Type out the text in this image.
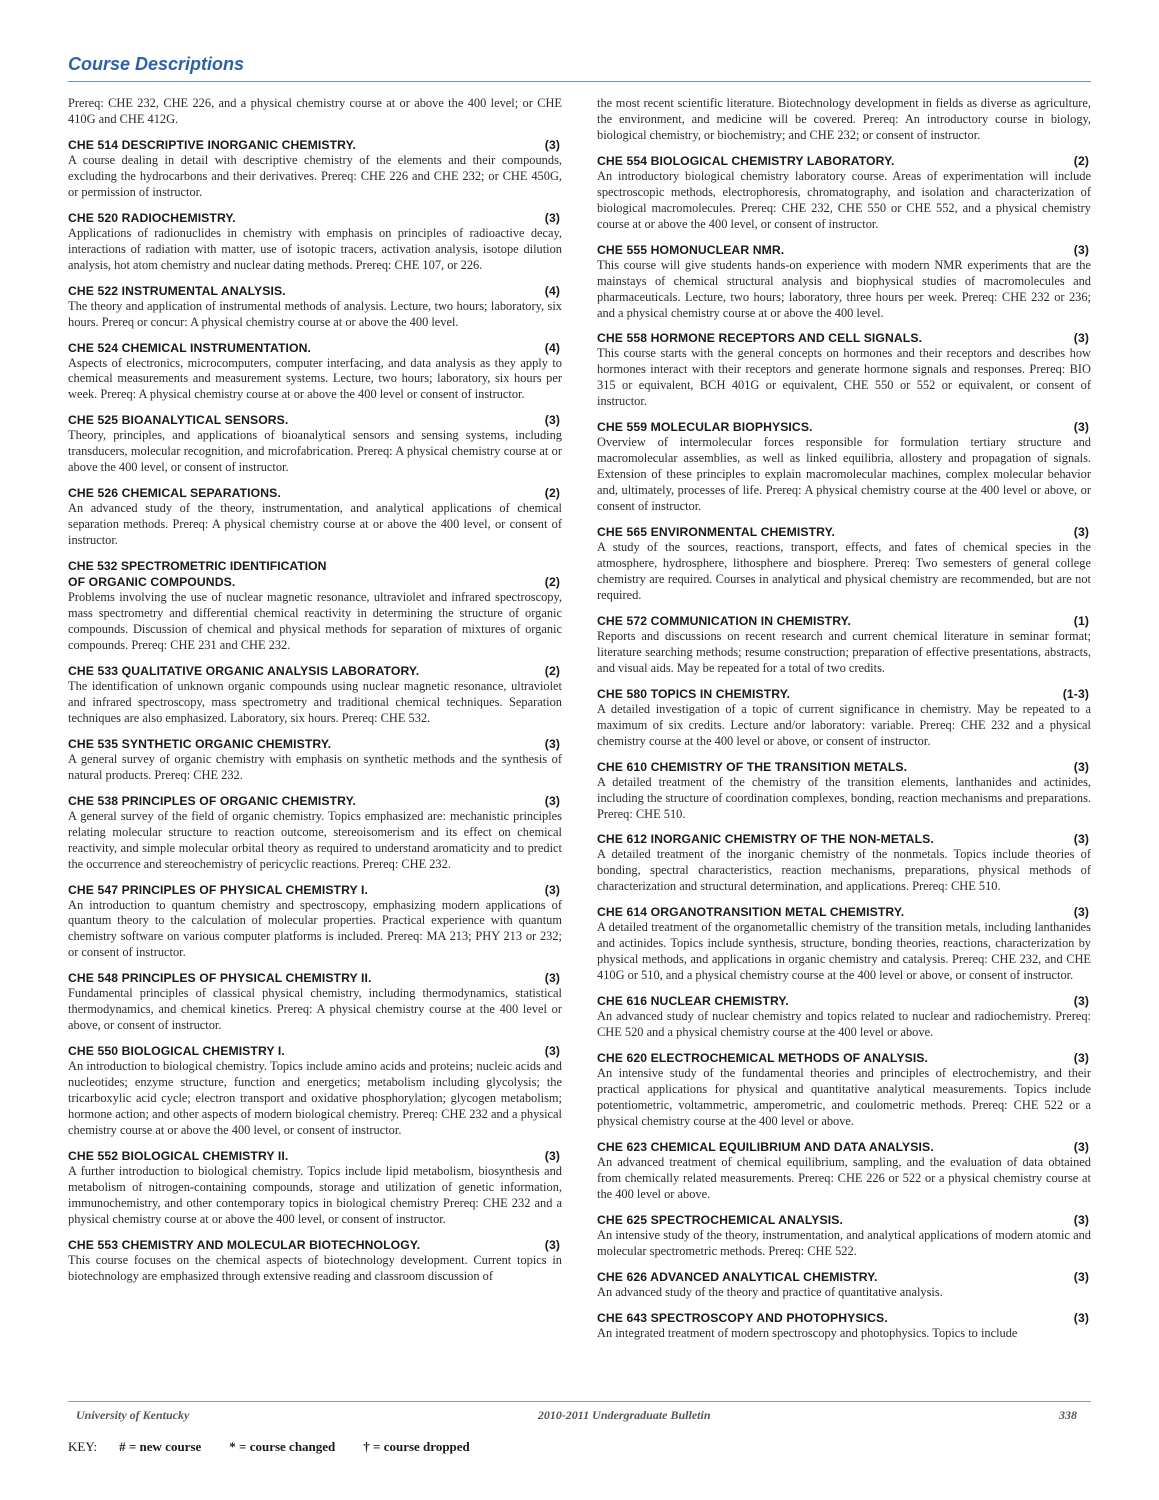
Course Descriptions

Prereq: CHE 232, CHE 226, and a physical chemistry course at or above the 400 level; or CHE 410G and CHE 412G.

CHE 514 DESCRIPTIVE INORGANIC CHEMISTRY.	(3)

A course dealing in detail with descriptive chemistry of the elements and their compounds, excluding the hydrocarbons and their derivatives. Prereq: CHE 226 and CHE 232; or CHE 450G, or permission of instructor.

CHE 520 RADIOCHEMISTRY.	(3)

Applications of radionuclides in chemistry with emphasis on principles of radioactive decay, interactions of radiation with matter, use of isotopic tracers, activation analysis, isotope dilution analysis, hot atom chemistry and nuclear dating methods. Prereq: CHE 107, or 226.

CHE 522 INSTRUMENTAL ANALYSIS.	(4)

The theory and application of instrumental methods of analysis. Lecture, two hours; laboratory, six hours. Prereq or concur: A physical chemistry course at or above the 400 level.

CHE 524 CHEMICAL INSTRUMENTATION.	(4)

Aspects of electronics, microcomputers, computer interfacing, and data analysis as they apply to chemical measurements and measurement systems. Lecture, two hours; laboratory, six hours per week. Prereq: A physical chemistry course at or above the 400 level or consent of instructor.

CHE 525 BIOANALYTICAL SENSORS.	(3)

Theory, principles, and applications of bioanalytical sensors and sensing systems, including transducers, molecular recognition, and microfabrication. Prereq: A physical chemistry course at or above the 400 level, or consent of instructor.

CHE 526 CHEMICAL SEPARATIONS.	(2)

An advanced study of the theory, instrumentation, and analytical applications of chemical separation methods. Prereq: A physical chemistry course at or above the 400 level, or consent of instructor.

CHE 532 SPECTROMETRIC IDENTIFICATION
OF ORGANIC COMPOUNDS.	(2)

Problems involving the use of nuclear magnetic resonance, ultraviolet and infrared spectroscopy, mass spectrometry and differential chemical reactivity in determining the structure of organic compounds. Discussion of chemical and physical methods for separation of mixtures of organic compounds. Prereq: CHE 231 and CHE 232.

CHE 533 QUALITATIVE ORGANIC ANALYSIS LABORATORY.	(2)

The identification of unknown organic compounds using nuclear magnetic resonance, ultraviolet and infrared spectroscopy, mass spectrometry and traditional chemical techniques. Separation techniques are also emphasized. Laboratory, six hours. Prereq: CHE 532.

CHE 535 SYNTHETIC ORGANIC CHEMISTRY.	(3)

A general survey of organic chemistry with emphasis on synthetic methods and the synthesis of natural products. Prereq: CHE 232.

CHE 538 PRINCIPLES OF ORGANIC CHEMISTRY.	(3)

A general survey of the field of organic chemistry. Topics emphasized are: mechanistic principles relating molecular structure to reaction outcome, stereoisomerism and its effect on chemical reactivity, and simple molecular orbital theory as required to understand aromaticity and to predict the occurrence and stereochemistry of pericyclic reactions. Prereq: CHE 232.

CHE 547 PRINCIPLES OF PHYSICAL CHEMISTRY I.	(3)

An introduction to quantum chemistry and spectroscopy, emphasizing modern applications of quantum theory to the calculation of molecular properties. Practical experience with quantum chemistry software on various computer platforms is included. Prereq: MA 213; PHY 213 or 232; or consent of instructor.

CHE 548 PRINCIPLES OF PHYSICAL CHEMISTRY II.	(3)

Fundamental principles of classical physical chemistry, including thermodynamics, statistical thermodynamics, and chemical kinetics. Prereq: A physical chemistry course at the 400 level or above, or consent of instructor.

CHE 550 BIOLOGICAL CHEMISTRY I.	(3)

An introduction to biological chemistry. Topics include amino acids and proteins; nucleic acids and nucleotides; enzyme structure, function and energetics; metabolism including glycolysis; the tricarboxylic acid cycle; electron transport and oxidative phosphorylation; glycogen metabolism; hormone action; and other aspects of modern biological chemistry. Prereq: CHE 232 and a physical chemistry course at or above the 400 level, or consent of instructor.

CHE 552 BIOLOGICAL CHEMISTRY II.	(3)

A further introduction to biological chemistry. Topics include lipid metabolism, biosynthesis and metabolism of nitrogen-containing compounds, storage and utilization of genetic information, immunochemistry, and other contemporary topics in biological chemistry Prereq: CHE 232 and a physical chemistry course at or above the 400 level, or consent of instructor.

CHE 553 CHEMISTRY AND MOLECULAR BIOTECHNOLOGY.	(3)

This course focuses on the chemical aspects of biotechnology development. Current topics in biotechnology are emphasized through extensive reading and classroom discussion of

the most recent scientific literature. Biotechnology development in fields as diverse as agriculture, the environment, and medicine will be covered. Prereq: An introductory course in biology, biological chemistry, or biochemistry; and CHE 232; or consent of instructor.

CHE 554 BIOLOGICAL CHEMISTRY LABORATORY.	(2)

An introductory biological chemistry laboratory course. Areas of experimentation will include spectroscopic methods, electrophoresis, chromatography, and isolation and characterization of biological macromolecules. Prereq: CHE 232, CHE 550 or CHE 552, and a physical chemistry course at or above the 400 level, or consent of instructor.

CHE 555 HOMONUCLEAR NMR.	(3)

This course will give students hands-on experience with modern NMR experiments that are the mainstays of chemical structural analysis and biophysical studies of macromolecules and pharmaceuticals. Lecture, two hours; laboratory, three hours per week. Prereq: CHE 232 or 236; and a physical chemistry course at or above the 400 level.

CHE 558 HORMONE RECEPTORS AND CELL SIGNALS.	(3)

This course starts with the general concepts on hormones and their receptors and describes how hormones interact with their receptors and generate hormone signals and responses. Prereq: BIO 315 or equivalent, BCH 401G or equivalent, CHE 550 or 552 or equivalent, or consent of instructor.

CHE 559 MOLECULAR BIOPHYSICS.	(3)

Overview of intermolecular forces responsible for formulation tertiary structure and macromolecular assemblies, as well as linked equilibria, allostery and propagation of signals. Extension of these principles to explain macromolecular machines, complex molecular behavior and, ultimately, processes of life. Prereq: A physical chemistry course at the 400 level or above, or consent of instructor.

CHE 565 ENVIRONMENTAL CHEMISTRY.	(3)

A study of the sources, reactions, transport, effects, and fates of chemical species in the atmosphere, hydrosphere, lithosphere and biosphere. Prereq: Two semesters of general college chemistry are required. Courses in analytical and physical chemistry are recommended, but are not required.

CHE 572 COMMUNICATION IN CHEMISTRY.	(1)

Reports and discussions on recent research and current chemical literature in seminar format; literature searching methods; resume construction; preparation of effective presentations, abstracts, and visual aids. May be repeated for a total of two credits.

CHE 580 TOPICS IN CHEMISTRY.	(1-3)

A detailed investigation of a topic of current significance in chemistry. May be repeated to a maximum of six credits. Lecture and/or laboratory: variable. Prereq: CHE 232 and a physical chemistry course at the 400 level or above, or consent of instructor.

CHE 610 CHEMISTRY OF THE TRANSITION METALS.	(3)

A detailed treatment of the chemistry of the transition elements, lanthanides and actinides, including the structure of coordination complexes, bonding, reaction mechanisms and preparations. Prereq: CHE 510.

CHE 612 INORGANIC CHEMISTRY OF THE NON-METALS.	(3)

A detailed treatment of the inorganic chemistry of the nonmetals. Topics include theories of bonding, spectral characteristics, reaction mechanisms, preparations, physical methods of characterization and structural determination, and applications. Prereq: CHE 510.

CHE 614 ORGANOTRANSITION METAL CHEMISTRY.	(3)

A detailed treatment of the organometallic chemistry of the transition metals, including lanthanides and actinides. Topics include synthesis, structure, bonding theories, reactions, characterization by physical methods, and applications in organic chemistry and catalysis. Prereq: CHE 232, and CHE 410G or 510, and a physical chemistry course at the 400 level or above, or consent of instructor.

CHE 616 NUCLEAR CHEMISTRY.	(3)

An advanced study of nuclear chemistry and topics related to nuclear and radiochemistry. Prereq: CHE 520 and a physical chemistry course at the 400 level or above.

CHE 620 ELECTROCHEMICAL METHODS OF ANALYSIS.	(3)

An intensive study of the fundamental theories and principles of electrochemistry, and their practical applications for physical and quantitative analytical measurements. Topics include potentiometric, voltammetric, amperometric, and coulometric methods. Prereq: CHE 522 or a physical chemistry course at the 400 level or above.

CHE 623 CHEMICAL EQUILIBRIUM AND DATA ANALYSIS.	(3)

An advanced treatment of chemical equilibrium, sampling, and the evaluation of data obtained from chemically related measurements. Prereq: CHE 226 or 522 or a physical chemistry course at the 400 level or above.

CHE 625 SPECTROCHEMICAL ANALYSIS.	(3)

An intensive study of the theory, instrumentation, and analytical applications of modern atomic and molecular spectrometric methods. Prereq: CHE 522.

CHE 626 ADVANCED ANALYTICAL CHEMISTRY.	(3)

An advanced study of the theory and practice of quantitative analysis.

CHE 643 SPECTROSCOPY AND PHOTOPHYSICS.	(3)

An integrated treatment of modern spectroscopy and photophysics. Topics to include

University of Kentucky	2010-2011 Undergraduate Bulletin	338
KEY: # = new course * = course changed † = course dropped
